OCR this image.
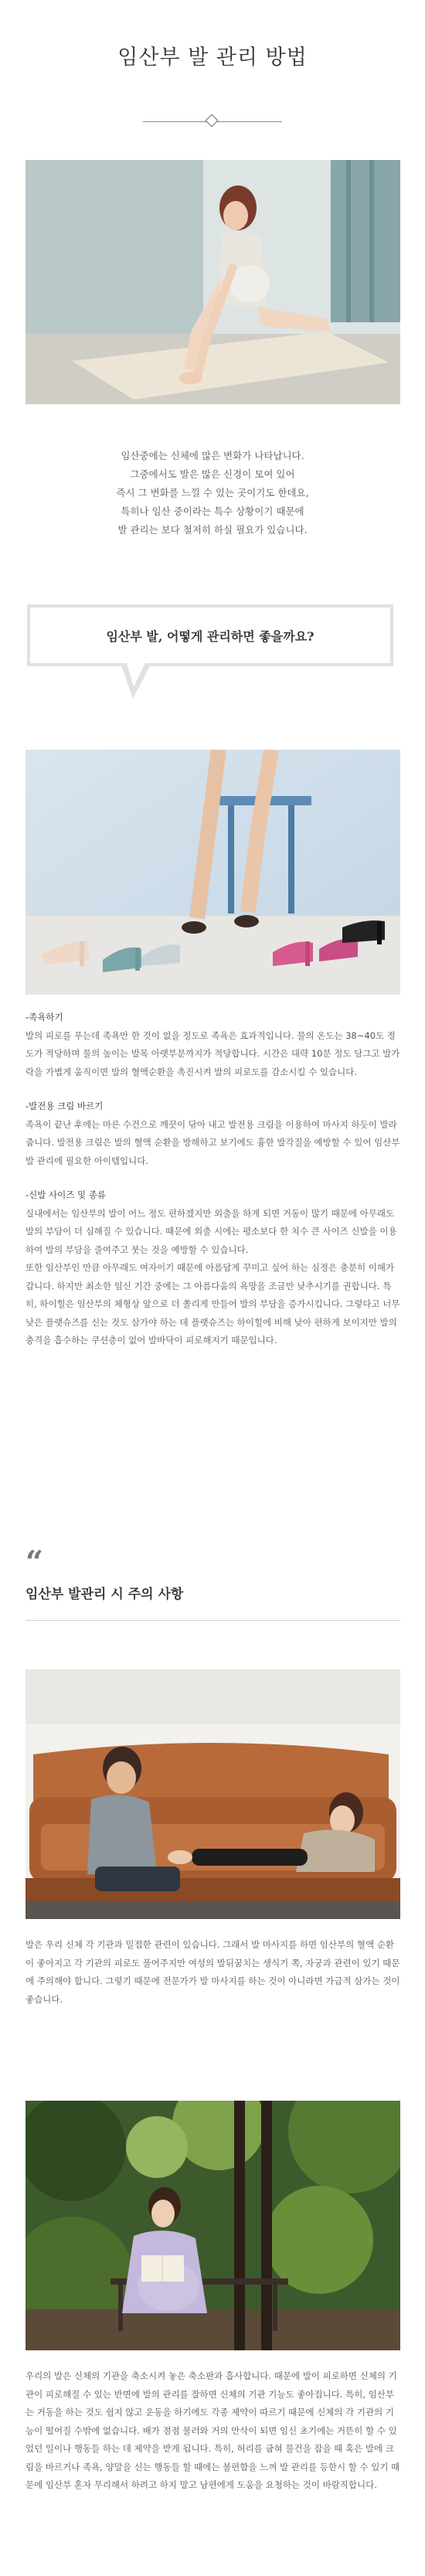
임산부 발 관리 방법

임산중에는 신체에 많은 변화가 나타납니다.

그중에서도 발은 많은 신경이 모여 있어

즉시 그 변화를 느낄 수 있는 곳이기도 한데요,

특히나 임산 중이라는 특수 상황이기 때문에

발 관리는 보다 철저히 하실 필요가 있습니다.

임산부 발, 어떻게 관리하면 좋을까요?
-족욕하기

발의 피로를 푸는데 족욕만 한 것이 없을 정도로 족욕은 효과적입니다. 물의 온도는 38~40도 정도가 적당하며 물의 높이는 발목 아랫부분까지가 적당합니다. 시간은 대략 10분 정도 담그고 발가락을 가볍게 움직이면 발의 혈액순환을 촉진시켜 발의 피로도를 감소시킬 수 있습니다.

-발전용 크림 바르기

족욕이 끝난 후에는 마른 수건으로 깨끗이 닦아 내고 발전용 크림을 이용하여 마사지 하듯이 발라줍니다. 발전용 크림은 발의 혈액 순환을 방해하고 보기에도 흉한 발각질을 예방할 수 있어 임산부 발 관리에 필요한 아이템입니다.

-신발 사이즈 및 종류

실내에서는 임산부의 발이 어느 정도 편하겠지만 외출을 하게 되면 거동이 많기 때문에 아무래도 발의 부담이 더 심해질 수 있습니다. 때문에 외출 시에는 평소보다 한 치수 큰 사이즈 신발을 이용하여 발의 부담을 줄여주고 붓는 것을 예방할 수 있습니다.

또한 임산부인 만큼 아무래도 여자이기 때문에 아름답게 꾸미고 싶어 하는 심정은 충분히 이해가 갑니다. 하지만 최소한 임신 기간 중에는 그 아름다움의 욕망을 조금만 낮추시기를 권합니다. 특히, 하이힐은 임산부의 체형상 앞으로 더 쏠리게 만들어 발의 부담을 증가시킵니다. 그렇다고 너무 낮은 플랫슈즈를 신는 것도 삼가야 하는 데 플랫슈즈는 하이힐에 비해 낮아 편하게 보이지만 발의 충격을 흡수하는 쿠션층이 없어 발바닥이 피로해지기 때문입니다.

“
임산부 발관리 시 주의 사항
발은 우리 신체 각 기관과 밀접한 관련이 있습니다. 그래서 발 마사지를 하면 임산부의 혈액 순환이 좋아지고 각 기관의 피로도 풀어주지만 여성의 발뒤꿈치는 생식기 쪽, 자궁과 관련이 있기 때문에 주의해야 합니다. 그렇기 때문에 전문가가 발 마사지를 하는 것이 아니라면 가급적 삼가는 것이 좋습니다.
우리의 발은 신체의 기관을 축소시켜 놓은 축소판과 흡사합니다. 때문에 발이 피로하면 신체의 기관이 피로해질 수 있는 반면에 발의 관리를 잘하면 신체의 기관 기능도 좋아집니다. 특히, 임산부는 거동을 하는 것도 쉽지 않고 운동을 하기에도 각종 제약이 따르기 때문에 신체의 각 기관의 기능이 떨어질 수밖에 없습니다. 배가 점점 불러와 거의 만삭이 되면 임신 초기에는 거뜬히 할 수 있었던 일이나 행동들 하는 데 제약을 받게 됩니다. 특히, 허리를 굽혀 물건을 잡을 때 혹은 발에 크림을 바르거나 족욕, 양말을 신는 행동들 할 때에는 불편함을 느껴 발 관리를 등한시 할 수 있기 때문에 임산부 혼자 무리해서 하려고 하지 말고 남편에게 도움을 요청하는 것이 바람직합니다.
